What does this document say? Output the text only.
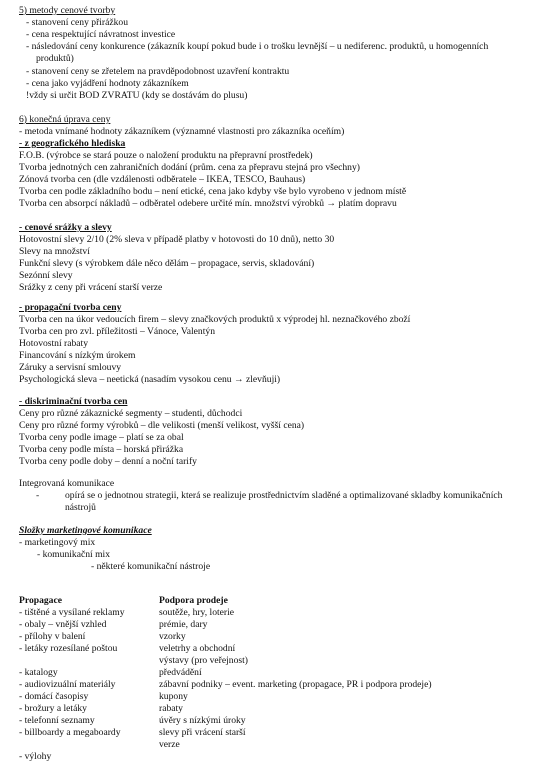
5) metody cenové tvorby
- stanovení ceny přirážkou
- cena respektující návratnost investice
- následování ceny konkurence (zákazník koupí pokud bude i o trošku levnější – u nediferenc. produktů, u homogenních
produktů)
- stanovení ceny se zřetelem na pravděpodobnost uzavření kontraktu
- cena jako vyjádření hodnoty zákazníkem
!vždy si určit BOD ZVRATU (kdy se dostávám do plusu)
6) konečná úprava ceny
- metoda vnímané hodnoty zákazníkem (významné vlastnosti pro zákazníka oceňím)
- z geografického hlediska
F.O.B. (výrobce se stará pouze o naložení produktu na přepravní prostředek)
Tvorba jednotných cen zahraničních dodání (prům. cena za přepravu stejná pro všechny)
Zónová tvorba cen (dle vzdálenosti odběratele – IKEA, TESCO, Bauhaus)
Tvorba cen podle základního bodu – není etické, cena jako kdyby vše bylo vyrobeno v jednom místě
Tvorba cen absorpcí nákladů – odběratel odebere určité mín. množství výrobků → platím dopravu
- cenové srážky a slevy
Hotovostní slevy 2/10 (2% sleva v případě platby v hotovosti do 10 dnů), netto 30
Slevy na množství
Funkční slevy (s výrobkem dále něco dělám – propagace, servis, skladování)
Sezónní slevy
Srážky z ceny při vrácení starší verze
- propagační tvorba ceny
Tvorba cen na úkor vedoucích firem – slevy značkových produktů x výprodej hl. neznačkového zboží
Tvorba cen pro zvl. příležitosti – Vánoce, Valentýn
Hotovostní rabaty
Financování s nízkým úrokem
Záruky a servisní smlouvy
Psychologická sleva – neetická (nasadím vysokou cenu → zlevňuji)
- diskriminační tvorba cen
Ceny pro různé zákaznické segmenty – studenti, důchodci
Ceny pro různé formy výrobků – dle velikosti (menší velikost, vyšší cena)
Tvorba ceny podle image – platí se za obal
Tvorba ceny podle místa – horská přirážka
Tvorba ceny podle doby – denní a noční tarify
Integrovaná komunikace
-	opírá se o jednotnou strategii, která se realizuje prostřednictvím sladěné a optimalizované skladby komunikačních
nástrojů
Složky marketingové komunikace
- marketingový mix
- komunikační mix
- některé komunikační nástroje
Propagace	Podpora prodeje
- tištěné a vysílané reklamy
- obaly – vnější vzhled
- přílohy v balení
- letáky rozesílané poštou
- katalogy
- audiovizuální materiály
- domácí časopisy
- brožury a letáky
- telefonní seznamy
- billboardy a megaboardy
- výlohy
soutěže, hry, loterie
prémie, dary
vzorky
veletrhy a obchodní
výstavy (pro veřejnost)
předvádění
zábavní podniky – event. marketing (propagace, PR i podpora prodeje)
kupony
rabaty
úvěry s nízkými úroky
slevy při vrácení starší
verze
